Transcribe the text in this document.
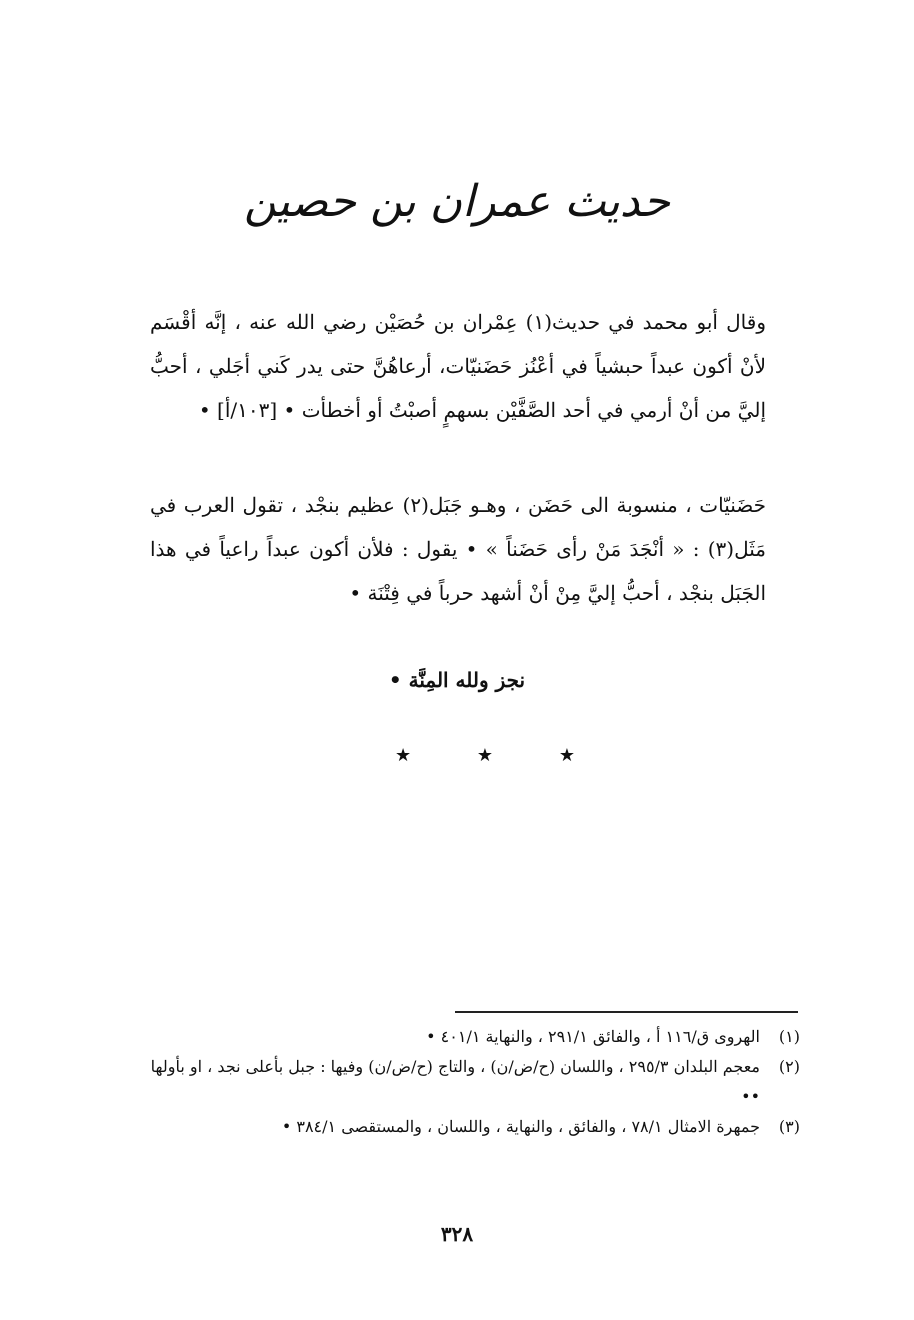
حديث عمران بن حصين
وقال أبو محمد في حديث(١) عِمْران بن حُصَيْن رضي الله عنه ، إنَّه أقْسَم لأنْ أكون عبداً حبشياً في أعْنُز حَضَنيّات، أرعاهُنَّ حتى يدر كَني أجَلي ، أحبُّ إليَّ من أنْ أرمي في أحد الصَّفَّيْن بسهمٍ أصبْتُ أو أخطأت • [١٠٣/أ] •
حَضَنيّات ، منسوبة الى حَضَن ، وهـو جَبَل(٢) عظيم بنجْد ، تقول العرب في مَثَل(٣) : « أنْجَدَ مَنْ رأى حَضَناً » • يقول : فلأن أكون عبداً راعياً في هذا الجَبَل بنجْد ، أحبُّ إليَّ مِنْ أنْ أشهد حرباً في فِتْنَة •
نجز ولله المِنَّة •
★	★	★
(١)
الهروى ق/١١٦ أ ، والفائق ٢٩١/١ ، والنهاية ٤٠١/١ •
(٢)
معجم البلدان ٢٩٥/٣ ، واللسان (ح/ض/ن) ، والتاج (ح/ض/ن) وفيها : جبل بأعلى نجد ، او بأولها ••
(٣)
جمهرة الامثال ٧٨/١ ، والفائق ، والنهاية ، واللسان ، والمستقصى ٣٨٤/١ •
٣٢٨
